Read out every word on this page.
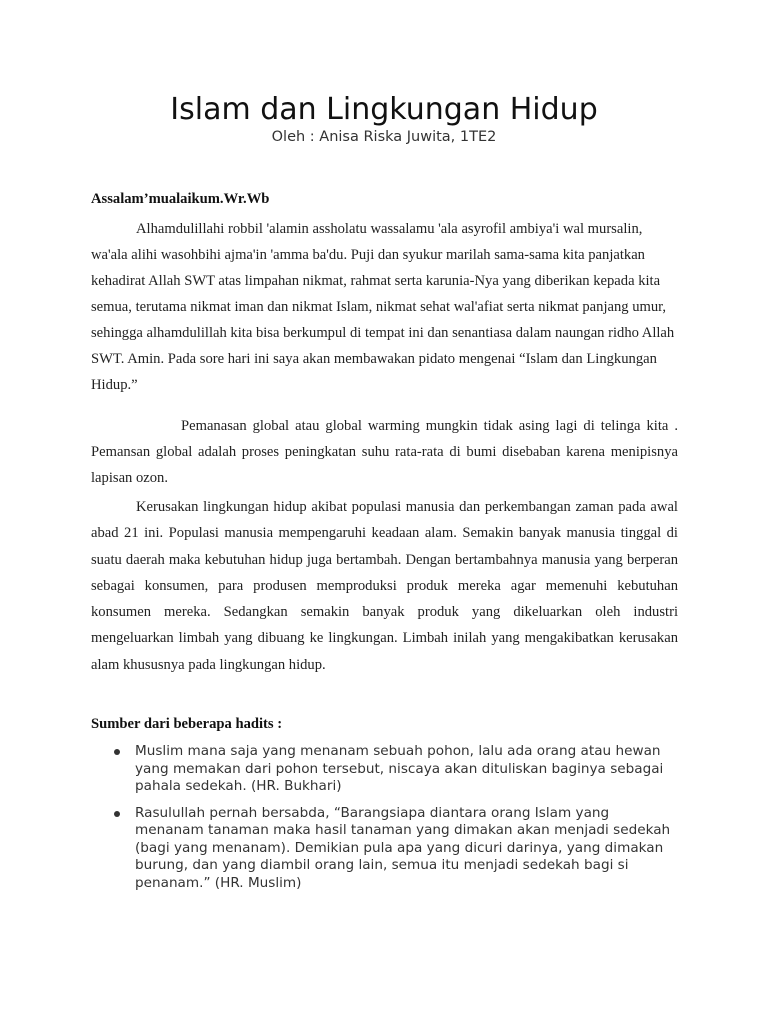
Islam dan Lingkungan Hidup
Oleh : Anisa Riska Juwita, 1TE2
Assalam’mualaikum.Wr.Wb

Alhamdulillahi robbil 'alamin assholatu wassalamu 'ala asyrofil ambiya'i wal mursalin, wa'ala alihi wasohbihi ajma'in 'amma ba'du. Puji dan syukur marilah sama-sama kita panjatkan kehadirat Allah SWT atas limpahan nikmat, rahmat serta karunia-Nya yang diberikan kepada kita semua, terutama nikmat iman dan nikmat Islam, nikmat sehat wal'afiat serta nikmat panjang umur, sehingga alhamdulillah kita bisa berkumpul di tempat ini dan senantiasa dalam naungan ridho Allah SWT. Amin. Pada sore hari ini saya akan membawakan pidato mengenai “Islam dan Lingkungan Hidup.”

Pemanasan global atau global warming mungkin tidak asing lagi di telinga kita . Pemansan global adalah proses peningkatan suhu rata-rata di bumi disebaban karena menipisnya lapisan ozon.

Kerusakan lingkungan hidup akibat populasi manusia dan perkembangan zaman pada awal abad 21 ini. Populasi manusia mempengaruhi keadaan alam. Semakin banyak manusia tinggal di suatu daerah maka kebutuhan hidup juga bertambah. Dengan bertambahnya manusia yang berperan sebagai konsumen, para produsen memproduksi produk mereka agar memenuhi kebutuhan konsumen mereka. Sedangkan semakin banyak produk yang dikeluarkan oleh industri mengeluarkan limbah yang dibuang ke lingkungan. Limbah inilah yang mengakibatkan kerusakan alam khususnya pada lingkungan hidup.

Sumber dari beberapa hadits :
Muslim mana saja yang menanam sebuah pohon, lalu ada orang atau hewan yang memakan dari pohon tersebut, niscaya akan dituliskan baginya sebagai pahala sedekah. (HR. Bukhari)
Rasulullah pernah bersabda, “Barangsiapa diantara orang Islam yang menanam tanaman maka hasil tanaman yang dimakan akan menjadi sedekah (bagi yang menanam). Demikian pula apa yang dicuri darinya, yang dimakan burung, dan yang diambil orang lain, semua itu menjadi sedekah bagi si penanam.” (HR. Muslim)
